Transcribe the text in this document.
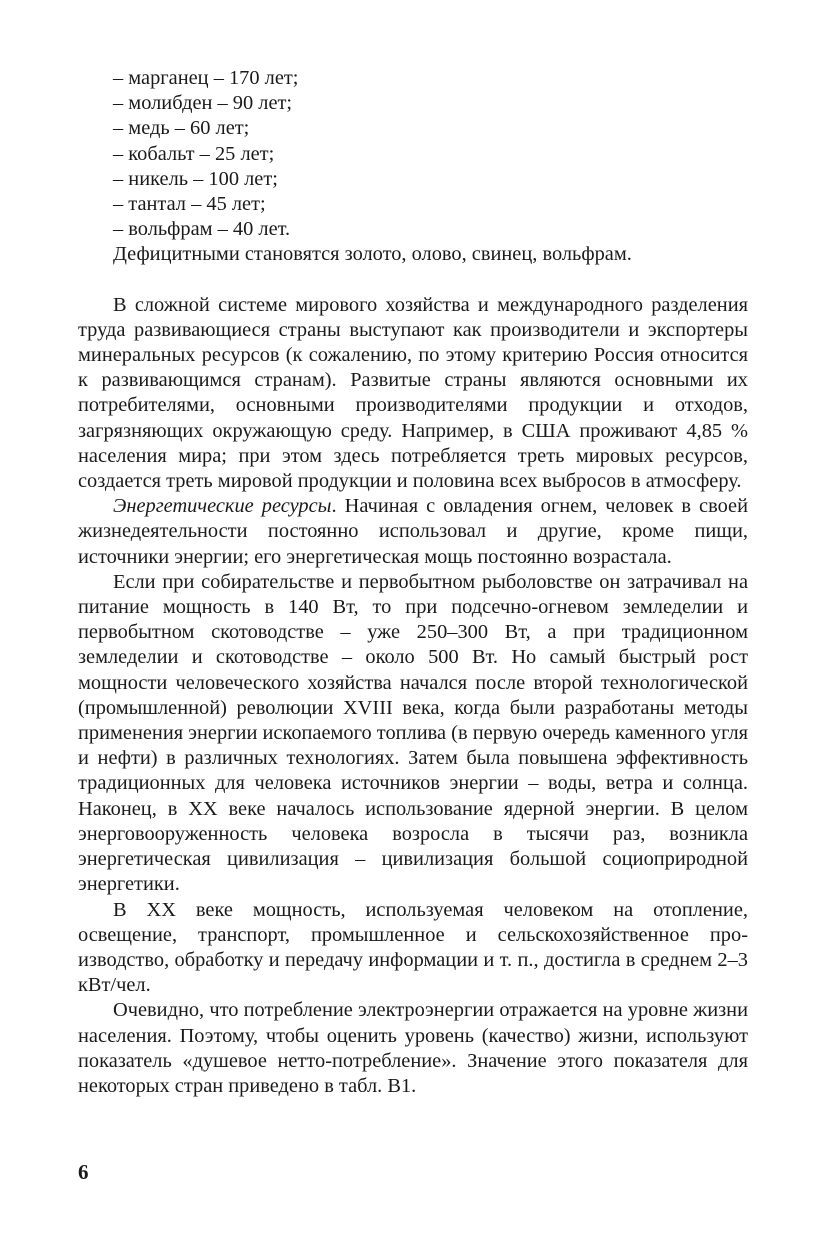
– марганец – 170 лет;
– молибден – 90 лет;
– медь – 60 лет;
– кобальт – 25 лет;
– никель – 100 лет;
– тантал – 45 лет;
– вольфрам – 40 лет.

Дефицитными становятся золото, олово, свинец, вольфрам.

В сложной системе мирового хозяйства и международного разделения труда развивающиеся страны выступают как производители и экспортеры минеральных ресурсов (к сожалению, по этому критерию Россия относится к развивающимся странам). Развитые страны являются основными их потребителями, основными производителями продукции и отходов, загрязняющих окружающую среду. Например, в США проживают 4,85 % населения мира; при этом здесь потребляется треть мировых ресурсов, создается треть мировой продукции и половина всех выбросов в атмосферу.

Энергетические ресурсы. Начиная с овладения огнем, человек в своей жизнедеятельности постоянно использовал и другие, кроме пищи, источники энергии; его энергетическая мощь постоянно возрастала.

Если при собирательстве и первобытном рыболовстве он затрачивал на питание мощность в 140 Вт, то при подсечно-огневом земледелии и первобытном скотоводстве – уже 250–300 Вт, а при традиционном земледелии и скотоводстве – около 500 Вт. Но самый быстрый рост мощности человеческого хозяйства начался после второй технологической (промышленной) революции XVIII века, когда были разработаны методы применения энергии ископаемого топлива (в первую очередь каменного угля и нефти) в различных технологиях. Затем была повышена эффективность традиционных для человека источников энергии – воды, ветра и солнца. Наконец, в XX веке началось использование ядерной энергии. В целом энерговооруженность человека возросла в тысячи раз, возникла энергетическая цивилизация – цивилизация большой социоприродной энергетики.

В XX веке мощность, используемая человеком на отопление, освещение, транспорт, промышленное и сельскохозяйственное производство, обработку и передачу информации и т. п., достигла в среднем 2–3 кВт/чел.

Очевидно, что потребление электроэнергии отражается на уровне жизни населения. Поэтому, чтобы оценить уровень (качество) жизни, используют показатель «душевое нетто-потребление». Значение этого показателя для некоторых стран приведено в табл. В1.

6
